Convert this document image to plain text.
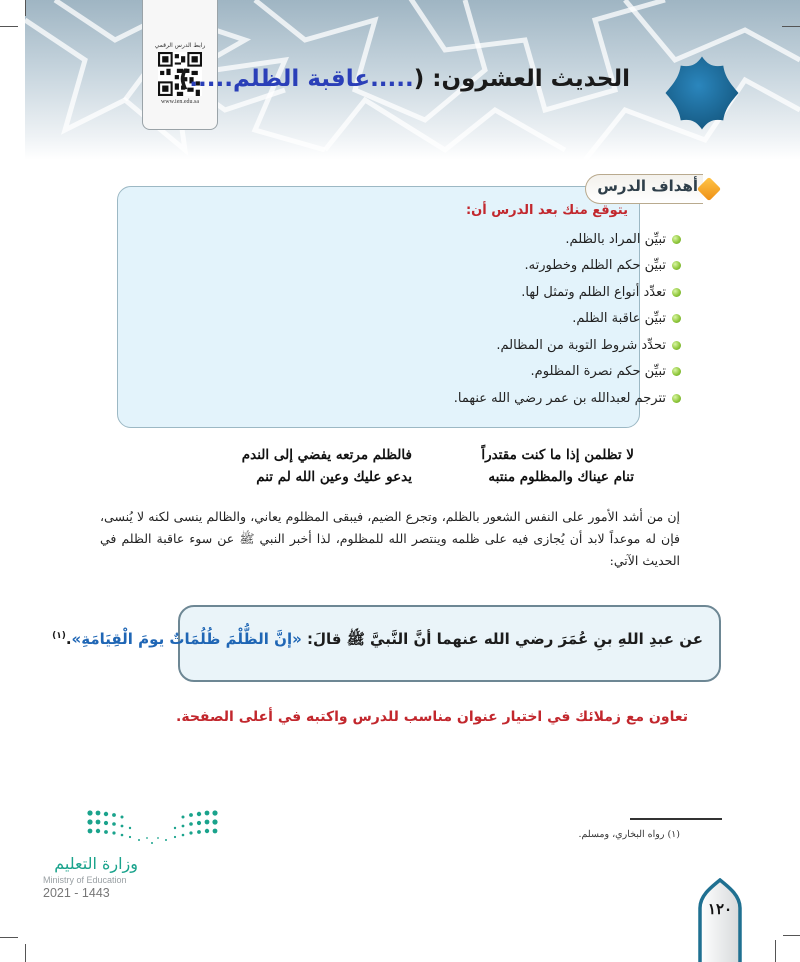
رابط الدرس الرقمي
www.ien.edu.sa
الحديث العشرون: (.....عاقبة الظلم.....)
أهداف الدرس
يتوقع منك بعد الدرس أن:
تبيِّن المراد بالظلم.
تبيِّن حكم الظلم وخطورته.
تعدِّد أنواع الظلم وتمثل لها.
تبيِّن عاقبة الظلم.
تحدِّد شروط التوبة من المظالم.
تبيِّن حكم نصرة المظلوم.
تترجم لعبدالله بن عمر رضي الله عنهما.
لا تظلمن إذا ما كنت مقتدراً
تنام عيناك والمظلوم منتبه
فالظلم مرتعه يفضي إلى الندم
يدعو عليك وعين الله لم تنم

إن من أشد الأمور على النفس الشعور بالظلم، وتجرع الضيم، فيبقى المظلوم يعاني، والظالم ينسى لكنه لا يُنسى، فإن له موعداً لابد أن يُجازى فيه على ظلمه وينتصر الله للمظلوم، لذا أخبر النبي ﷺ عن سوء عاقبة الظلم في الحديث الآتي:

عن عبدِ اللهِ بنِ عُمَرَ رضي الله عنهما أنَّ النَّبيَّ ﷺ قالَ: «إنَّ الظُّلْمَ ظُلُمَاتٌ يومَ الْقِيَامَةِ».$^{(١)}$
تعاون مع زملائك في اختيار عنوان مناسب للدرس واكتبه في أعلى الصفحة.
(١) رواه البخاري، ومسلم.
١٢٠
وزارة التعليم
Ministry of Education
2021 - 1443
